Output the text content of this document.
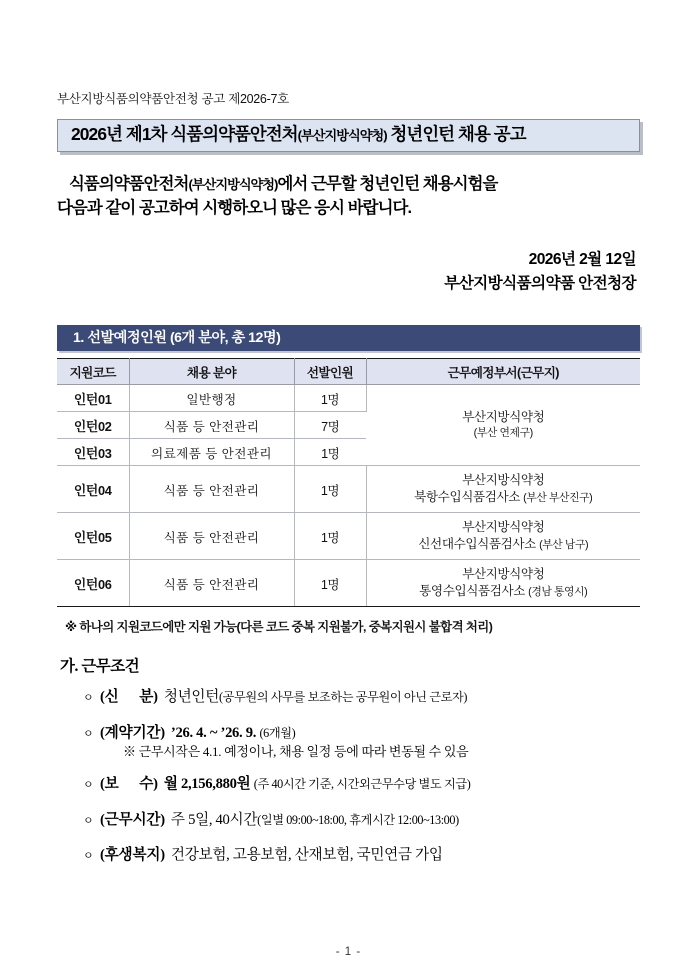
부산지방식품의약품안전청 공고 제2026-7호
2026년 제1차 식품의약품안전처(부산지방식약청) 청년인턴 채용 공고
식품의약품안전처(부산지방식약청)에서 근무할 청년인턴 채용시험을
다음과 같이 공고하여 시행하오니 많은 응시 바랍니다.
2026년 2월 12일
부산지방식품의약품 안전청장
1. 선발예정인원 (6개 분야, 총 12명)
지원코드	채용 분야	선발인원	근무예정부서(근무지)
인턴01	일반행정	1명	부산지방식약청
(부산 연제구)

인턴02	식품 등 안전관리	7명	
인턴03	의료제품 등 안전관리	1명	
인턴04	식품 등 안전관리	1명	부산지방식약청
북항수입식품검사소 (부산 부산진구)

인턴05	식품 등 안전관리	1명	부산지방식약청
신선대수입식품검사소 (부산 남구)

인턴06	식품 등 안전관리	1명	부산지방식약청
통영수입식품검사소 (경남 통영시)
※ 하나의 지원코드에만 지원 가능(다른 코드 중복 지원불가, 중복지원시 불합격 처리)
가. 근무조건
ㅇ (신      분) 청년인턴(공무원의 사무를 보조하는 공무원이 아닌 근로자)
ㅇ (계약기간) ’26. 4. ~ ’26. 9. (6개월)
※ 근무시작은 4.1. 예정이나, 채용 일정 등에 따라 변동될 수 있음
ㅇ (보      수) 월 2,156,880원 (주 40시간 기준, 시간외근무수당 별도 지급)
ㅇ (근무시간) 주 5일, 40시간(일별 09:00~18:00, 휴게시간 12:00~13:00)
ㅇ (후생복지) 건강보험, 고용보험, 산재보험, 국민연금 가입
- 1 -
